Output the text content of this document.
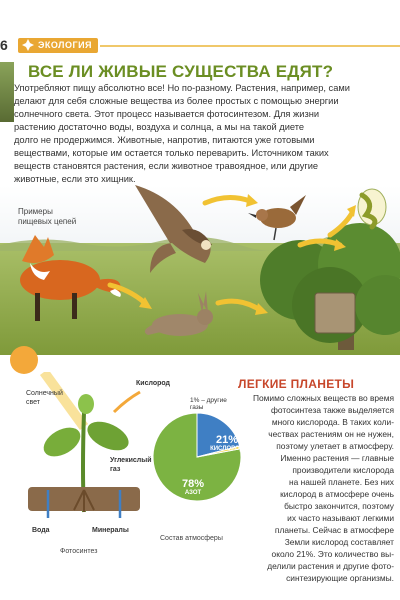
6	ЭКОЛОГИЯ
ВСЕ ЛИ ЖИВЫЕ СУЩЕСТВА ЕДЯТ?
Употребляют пищу абсолютно все! Но по-разному. Растения, например, сами
делают для себя сложные вещества из более простых с помощью энергии
солнечного света. Этот процесс называется фотосинтезом. Для жизни
растению достаточно воды, воздуха и солнца, а мы на такой диете
долго не продержимся. Животные, напротив, питаются уже готовыми
веществами, которые им остается только переварить. Источником таких
веществ становятся растения, если животное травоядное, или другие
животные, если это хищник.
Примеры
пищевых цепей
Солнечный
свет
Кислород
Углекислый
газ
Вода	Минералы
Фотосинтез
1% – другие
газы
21%
КИСЛОРОД
78%
АЗОТ
Состав атмосферы
ЛЕГКИЕ ПЛАНЕТЫ
Помимо сложных веществ во время
фотосинтеза также выделяется
много кислорода. В таких коли-
чествах растениям он не нужен,
поэтому улетает в атмосферу.
Именно растения — главные
производители кислорода
на нашей планете. Без них
кислород в атмосфере очень
быстро закончится, поэтому
их часто называют легкими
планеты. Сейчас в атмосфере
Земли кислород составляет
около 21%. Это количество вы-
делили растения и другие фото-
синтезирующие организмы.
